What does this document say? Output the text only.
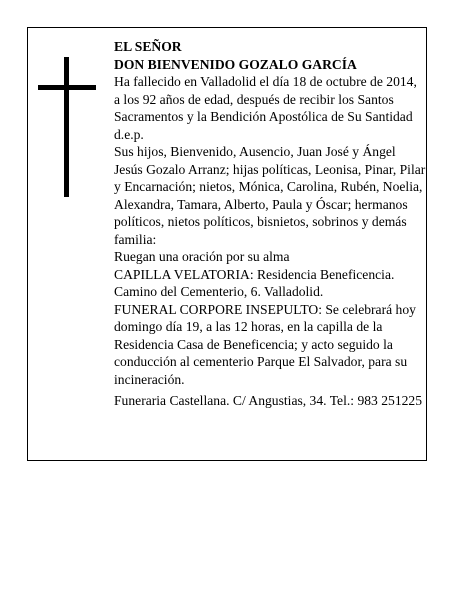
EL SEÑOR

DON BIENVENIDO GOZALO GARCÍA

Ha fallecido en Valladolid el día 18 de octubre de 2014, a los 92 años de edad, después de recibir los Santos Sacramentos y la Bendición Apostólica de Su Santidad d.e.p.

Sus hijos, Bienvenido, Ausencio, Juan José y Ángel Jesús Gozalo Arranz; hijas políticas, Leonisa, Pinar, Pilar y Encarnación; nietos, Mónica, Carolina, Rubén, Noelia, Alexandra, Tamara, Alberto, Paula y Óscar; hermanos políticos, nietos políticos, bisnietos, sobrinos y demás familia:

Ruegan una oración por su alma

CAPILLA VELATORIA: Residencia Beneficencia. Camino del Cementerio, 6. Valladolid.

FUNERAL CORPORE INSEPULTO: Se celebrará hoy domingo día 19, a las 12 horas, en la capilla de la Residencia Casa de Beneficencia; y acto seguido la conducción al cementerio Parque El Salvador, para su incineración.

Funeraria Castellana. C/ Angustias, 34. Tel.: 983 251225
